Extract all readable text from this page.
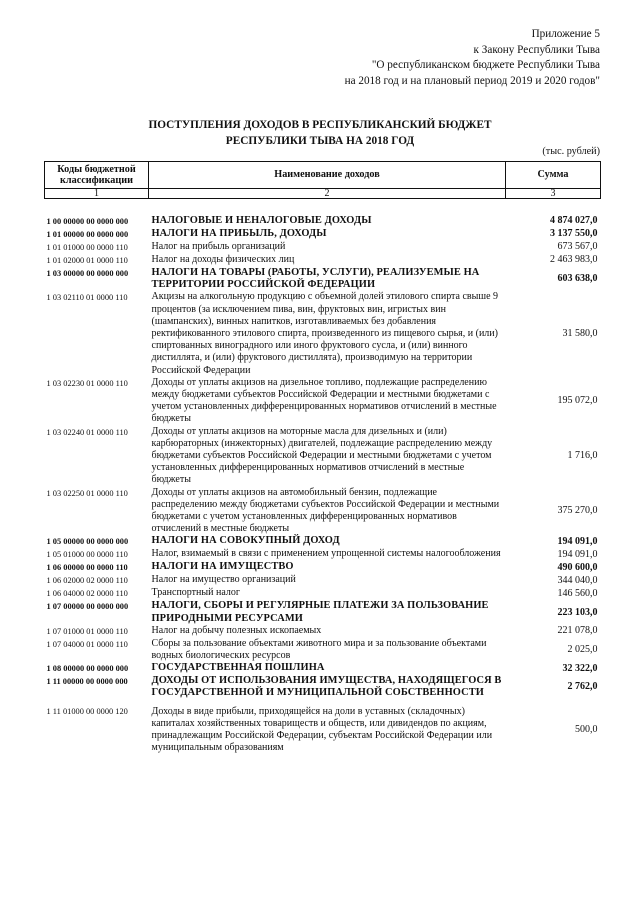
Приложение 5
к Закону Республики Тыва
"О республиканском бюджете Республики Тыва
на 2018 год и на плановый период 2019 и 2020 годов"
ПОСТУПЛЕНИЯ ДОХОДОВ В РЕСПУБЛИКАНСКИЙ БЮДЖЕТ
РЕСПУБЛИКИ ТЫВА НА 2018 ГОД
(тыс. рублей)
Коды бюджетной классификации	Наименование доходов	Сумма
1	2	3

1 00 00000 00 0000 000	НАЛОГОВЫЕ И НЕНАЛОГОВЫЕ ДОХОДЫ	4 874 027,0
1 01 00000 00 0000 000	НАЛОГИ НА ПРИБЫЛЬ, ДОХОДЫ	3 137 550,0
1 01 01000 00 0000 110	Налог на прибыль организаций	673 567,0
1 01 02000 01 0000 110	Налог на доходы физических лиц	2 463 983,0
1 03 00000 00 0000 000	НАЛОГИ НА ТОВАРЫ (РАБОТЫ, УСЛУГИ), РЕАЛИЗУЕМЫЕ НА ТЕРРИТОРИИ РОССИЙСКОЙ ФЕДЕРАЦИИ	603 638,0
1 03 02110 01 0000 110	Акцизы на алкогольную продукцию с объемной долей этилового спирта свыше 9 процентов (за исключением пива, вин, фруктовых вин, игристых вин (шампанских), винных напитков, изготавливаемых без добавления ректификованного этилового спирта, произведенного из пищевого сырья, и (или) спиртованных виноградного или иного фруктового сусла, и (или) винного дистиллята, и (или) фруктового дистиллята), производимую на территории Российской Федерации	31 580,0
1 03 02230 01 0000 110	Доходы от уплаты акцизов на дизельное топливо, подлежащие распределению между бюджетами субъектов Российской Федерации и местными бюджетами с учетом установленных дифференцированных нормативов отчислений в местные бюджеты	195 072,0
1 03 02240 01 0000 110	Доходы от уплаты акцизов на моторные масла для дизельных и (или) карбюраторных (инжекторных) двигателей, подлежащие распределению между бюджетами субъектов Российской Федерации и местными бюджетами с учетом установленных дифференцированных нормативов отчислений в местные бюджеты	1 716,0
1 03 02250 01 0000 110	Доходы от уплаты акцизов на автомобильный бензин, подлежащие распределению между бюджетами субъектов Российской Федерации и местными бюджетами с учетом установленных дифференцированных нормативов отчислений в местные бюджеты	375 270,0
1 05 00000 00 0000 000	НАЛОГИ НА СОВОКУПНЫЙ ДОХОД	194 091,0
1 05 01000 00 0000 110	Налог, взимаемый в связи с применением упрощенной системы налогообложения	194 091,0
1 06 00000 00 0000 110	НАЛОГИ НА ИМУЩЕСТВО	490 600,0
1 06 02000 02 0000 110	Налог на имущество организаций	344 040,0
1 06 04000 02 0000 110	Транспортный налог	146 560,0
1 07 00000 00 0000 000	НАЛОГИ, СБОРЫ И РЕГУЛЯРНЫЕ ПЛАТЕЖИ ЗА ПОЛЬЗОВАНИЕ ПРИРОДНЫМИ РЕСУРСАМИ	223 103,0
1 07 01000 01 0000 110	Налог на добычу полезных ископаемых	221 078,0
1 07 04000 01 0000 110	Сборы за пользование объектами животного мира и за пользование объектами водных биологических ресурсов	2 025,0
1 08 00000 00 0000 000	ГОСУДАРСТВЕННАЯ ПОШЛИНА	32 322,0
1 11 00000 00 0000 000	ДОХОДЫ ОТ ИСПОЛЬЗОВАНИЯ ИМУЩЕСТВА, НАХОДЯЩЕГОСЯ В ГОСУДАРСТВЕННОЙ И МУНИЦИПАЛЬНОЙ СОБСТВЕННОСТИ	2 762,0
1 11 01000 00 0000 120	Доходы в виде прибыли, приходящейся на доли в уставных (складочных) капиталах хозяйственных товариществ и обществ, или дивидендов по акциям, принадлежащим Российской Федерации, субъектам Российской Федерации или муниципальным образованиям	500,0
